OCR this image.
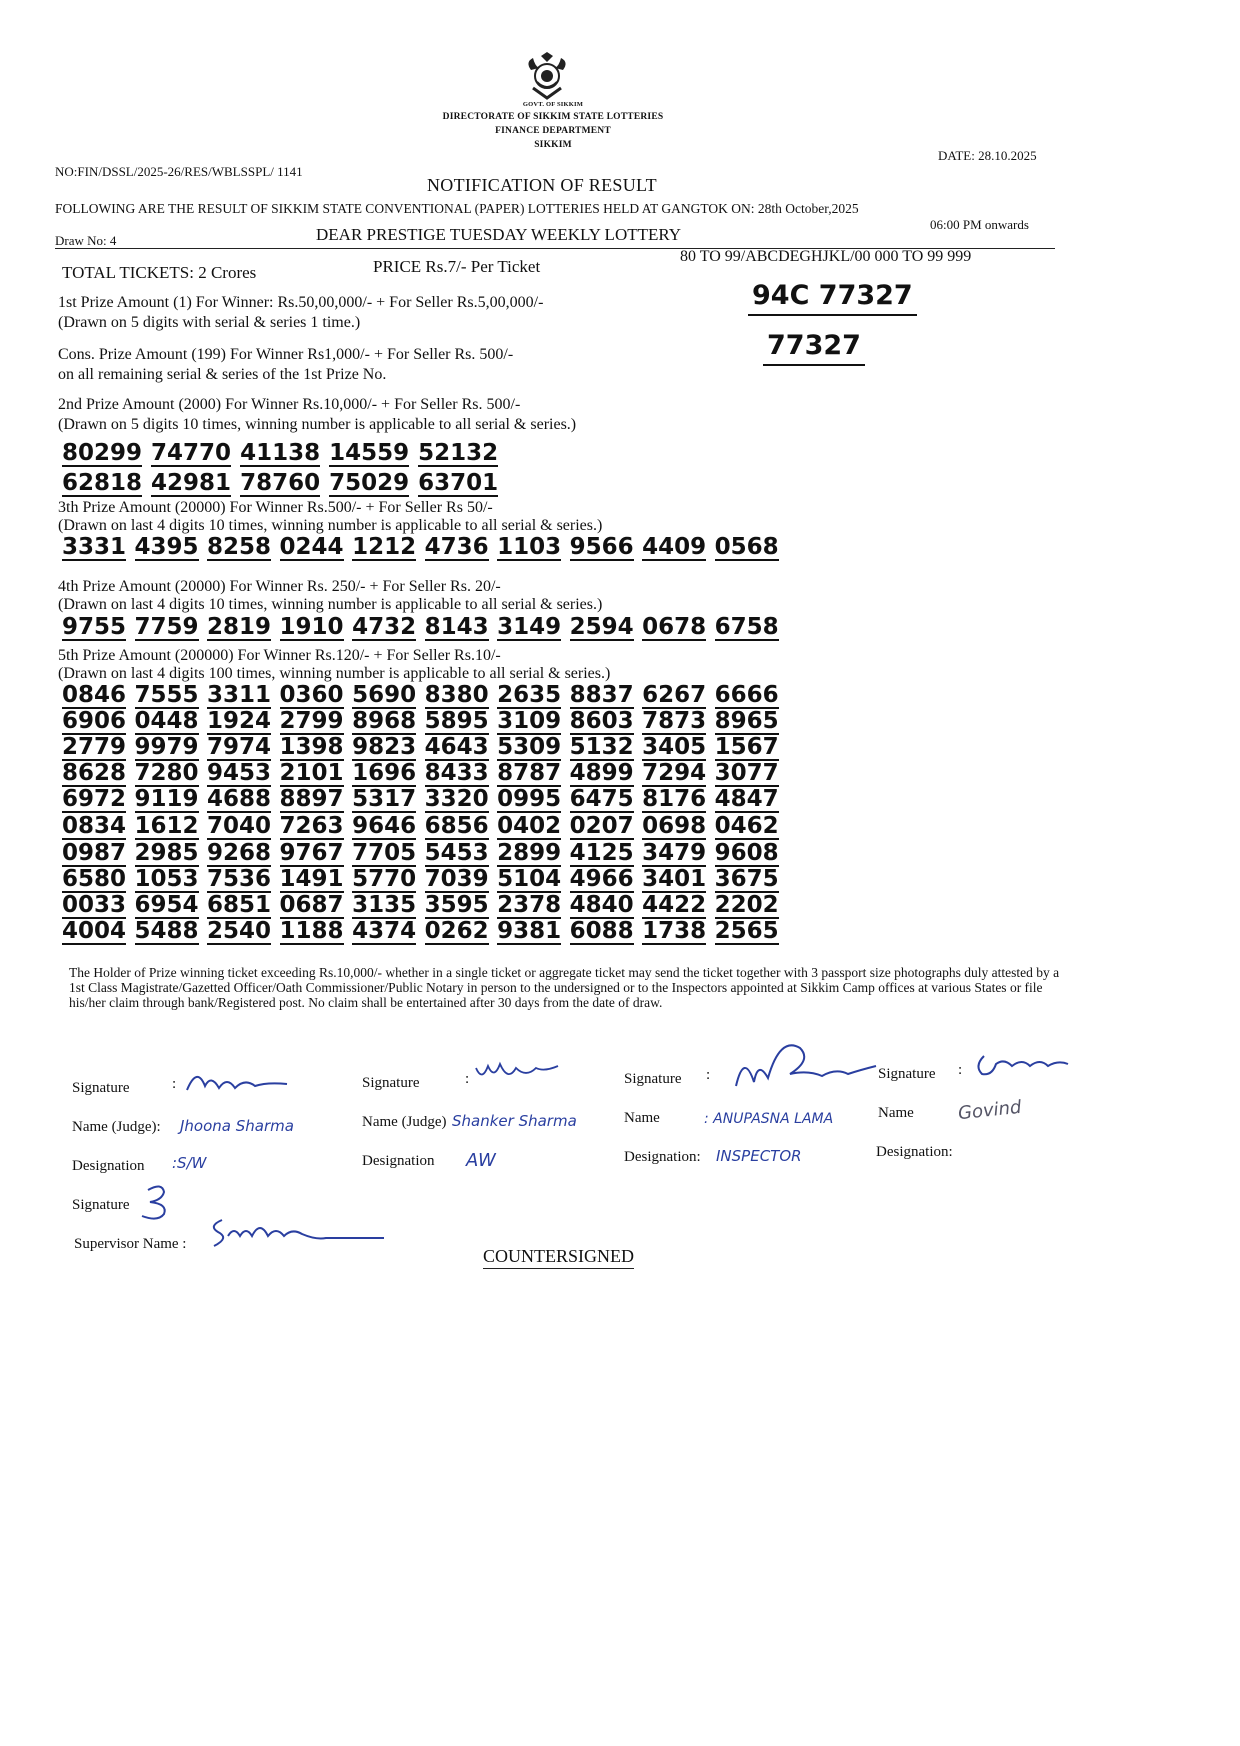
GOVT. OF SIKKIM
DIRECTORATE OF SIKKIM STATE LOTTERIES
FINANCE DEPARTMENT
SIKKIM
NO:FIN/DSSL/2025-26/RES/WBLSSPL/ 1141
DATE: 28.10.2025
NOTIFICATION OF RESULT
FOLLOWING ARE THE RESULT OF SIKKIM STATE CONVENTIONAL (PAPER) LOTTERIES HELD AT GANGTOK ON: 28th October,2025
06:00 PM onwards
Draw No: 4	DEAR PRESTIGE TUESDAY WEEKLY LOTTERY
TOTAL TICKETS: 2 Crores	PRICE Rs.7/- Per Ticket
80 TO 99/ABCDEGHJKL/00 000 TO 99 999
1st Prize Amount (1) For Winner: Rs.50,00,000/- + For Seller Rs.5,00,000/-
(Drawn on 5 digits with serial & series 1 time.)
94C 77327
Cons. Prize Amount (199) For Winner Rs1,000/- + For Seller Rs. 500/-
on all remaining serial & series of the 1st Prize No.
77327
2nd Prize Amount (2000) For Winner Rs.10,000/- + For Seller Rs. 500/-
(Drawn on 5 digits 10 times, winning number is applicable to all serial & series.)
80299 74770 41138 14559 52132
62818 42981 78760 75029 63701
3th Prize Amount (20000) For Winner Rs.500/- + For Seller Rs 50/-
(Drawn on last 4 digits 10 times, winning number is applicable to all serial & series.)
3331 4395 8258 0244 1212 4736 1103 9566 4409 0568
4th Prize Amount (20000) For Winner Rs. 250/- + For Seller Rs. 20/-
(Drawn on last 4 digits 10 times, winning number is applicable to all serial & series.)
9755 7759 2819 1910 4732 8143 3149 2594 0678 6758
5th Prize Amount (200000) For Winner Rs.120/- + For Seller Rs.10/-
(Drawn on last 4 digits 100 times, winning number is applicable to all serial & series.)
0846 7555 3311 0360 5690 8380 2635 8837 6267 6666
6906 0448 1924 2799 8968 5895 3109 8603 7873 8965
2779 9979 7974 1398 9823 4643 5309 5132 3405 1567
8628 7280 9453 2101 1696 8433 8787 4899 7294 3077
6972 9119 4688 8897 5317 3320 0995 6475 8176 4847
0834 1612 7040 7263 9646 6856 0402 0207 0698 0462
0987 2985 9268 9767 7705 5453 2899 4125 3479 9608
6580 1053 7536 1491 5770 7039 5104 4966 3401 3675
0033 6954 6851 0687 3135 3595 2378 4840 4422 2202
4004 5488 2540 1188 4374 0262 9381 6088 1738 2565
The Holder of Prize winning ticket exceeding Rs.10,000/- whether in a single ticket or aggregate ticket may send the ticket together with 3 passport size photographs duly attested by a 1st Class Magistrate/Gazetted Officer/Oath Commissioner/Public Notary in person to the undersigned or to the Inspectors appointed at Sikkim Camp offices at various States or file his/her claim through bank/Registered post. No claim shall be entertained after 30 days from the date of draw.
Signature	:
Name (Judge): Jhoona Sharma
Designation :S/W
Signature	:
Name (Judge) Shanker Sharma
Designation AW
Signature :
Name	: ANUPASNA LAMA
Designation: INSPECTOR
Signature :
Name Govind
Designation:
Signature
Supervisor Name :
COUNTERSIGNED
